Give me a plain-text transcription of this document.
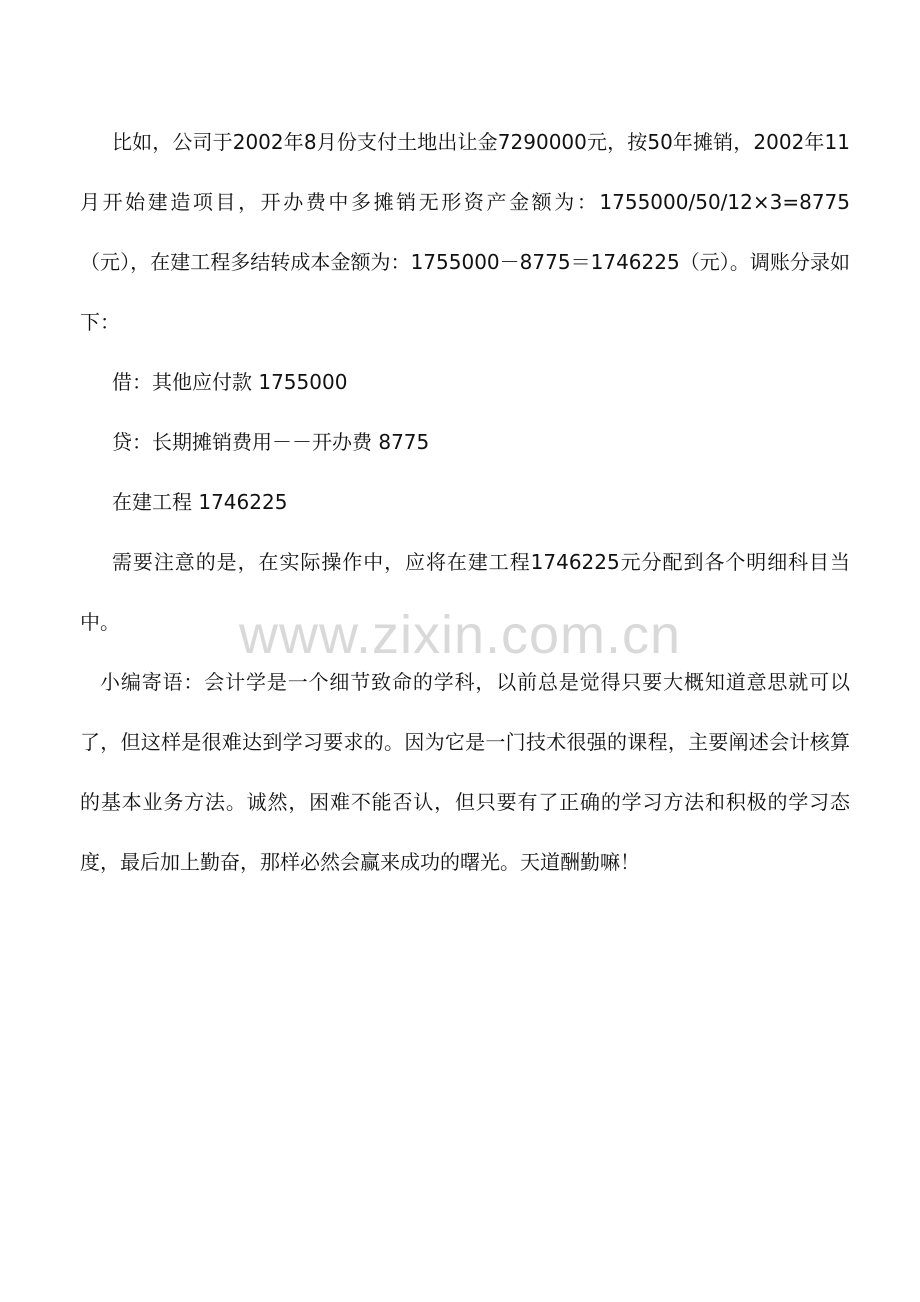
比如，公司于2002年8月份支付土地出让金7290000元，按50年摊销，2002年11月开始建造项目，开办费中多摊销无形资产金额为：1755000/50/12×3=8775（元），在建工程多结转成本金额为：1755000－8775＝1746225（元）。调账分录如下：

借：其他应付款 1755000

贷：长期摊销费用－－开办费 8775

在建工程 1746225

需要注意的是，在实际操作中，应将在建工程1746225元分配到各个明细科目当中。

小编寄语：会计学是一个细节致命的学科，以前总是觉得只要大概知道意思就可以了，但这样是很难达到学习要求的。因为它是一门技术很强的课程，主要阐述会计核算的基本业务方法。诚然，困难不能否认，但只要有了正确的学习方法和积极的学习态度，最后加上勤奋，那样必然会赢来成功的曙光。天道酬勤嘛！

www.zixin.com.cn
